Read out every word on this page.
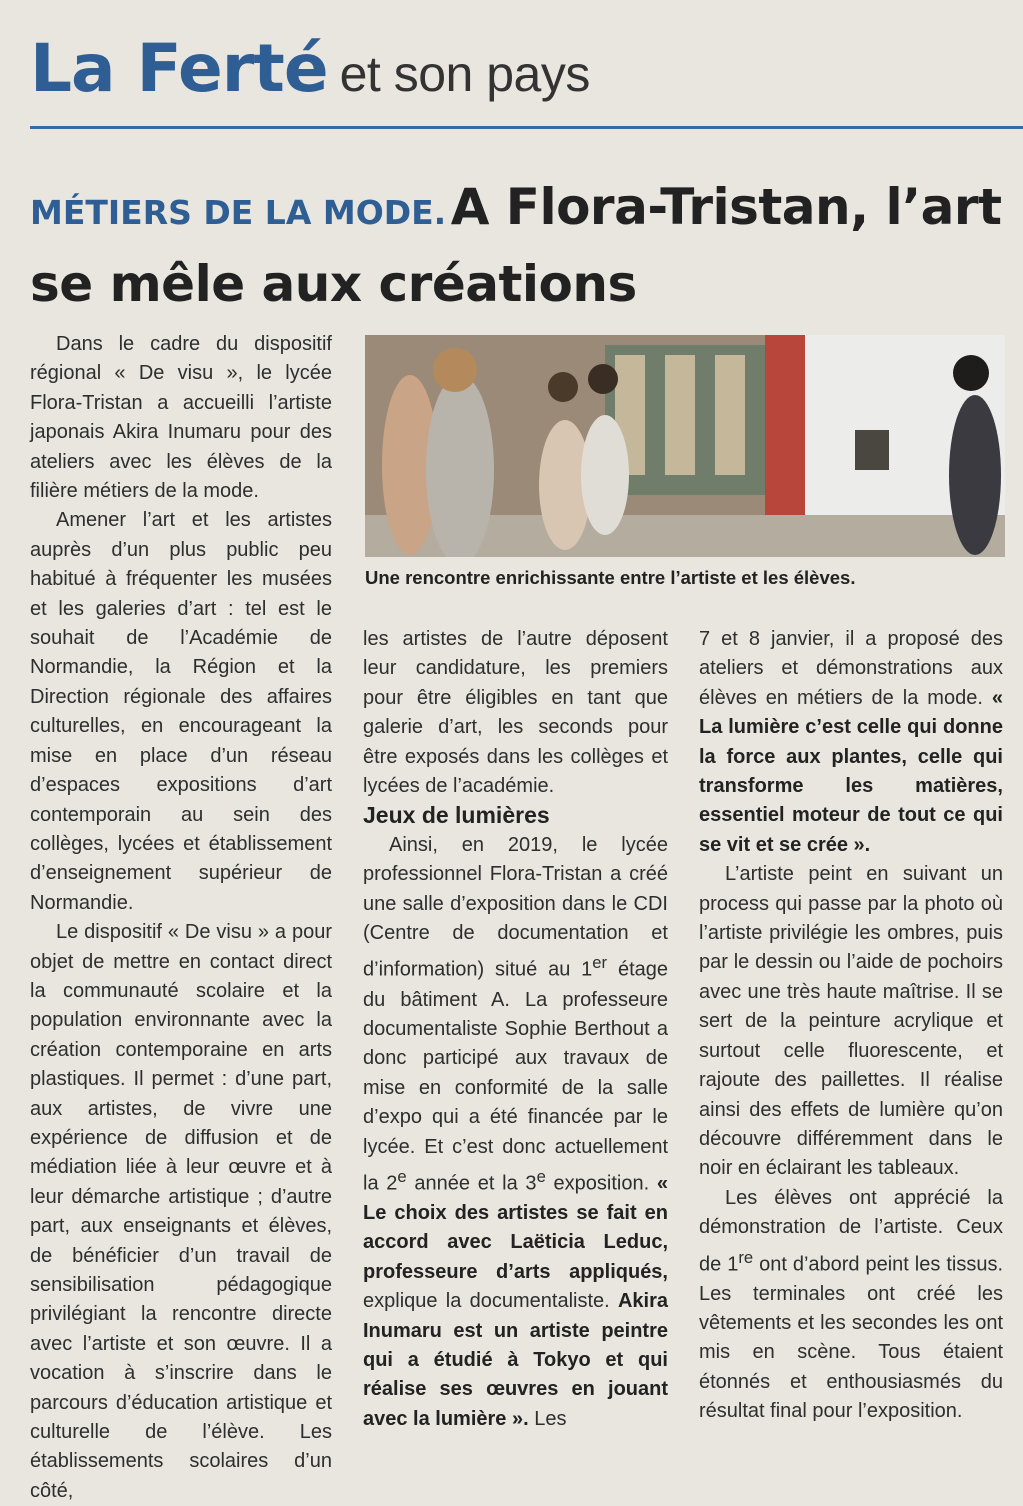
La Ferté et son pays
MÉTIERS DE LA MODE. A Flora-Tristan, l’art se mêle aux créations

Dans le cadre du dispositif régional « De visu », le lycée Flora-Tristan a accueilli l’artiste japonais Akira Inumaru pour des ateliers avec les élèves de la filière métiers de la mode.

Amener l’art et les artistes auprès d’un plus public peu habitué à fréquenter les musées et les galeries d’art : tel est le souhait de l’Académie de Normandie, la Région et la Direction régionale des affaires culturelles, en encourageant la mise en place d’un réseau d’espaces expositions d’art contemporain au sein des collèges, lycées et établissement d’enseignement supérieur de Normandie.

Le dispositif « De visu » a pour objet de mettre en contact direct la communauté scolaire et la population environnante avec la création contemporaine en arts plastiques. Il permet : d’une part, aux artistes, de vivre une expérience de diffusion et de médiation liée à leur œuvre et à leur démarche artistique ; d’autre part, aux enseignants et élèves, de bénéficier d’un travail de sensibilisation pédagogique privilégiant la rencontre directe avec l’artiste et son œuvre. Il a vocation à s’inscrire dans le parcours d’éducation artistique et culturelle de l’élève. Les établissements scolaires d’un côté,

Une rencontre enrichissante entre l’artiste et les élèves.

les artistes de l’autre déposent leur candidature, les premiers pour être éligibles en tant que galerie d’art, les seconds pour être exposés dans les collèges et lycées de l’académie.

Jeux de lumières

Ainsi, en 2019, le lycée professionnel Flora-Tristan a créé une salle d’exposition dans le CDI (Centre de documentation et d’information) situé au 1er étage du bâtiment A. La professeure documentaliste Sophie Berthout a donc participé aux travaux de mise en conformité de la salle d’expo qui a été financée par le lycée. Et c’est donc actuellement la 2e année et la 3e exposition. « Le choix des artistes se fait en accord avec Laëticia Leduc, professeure d’arts appliqués, explique la documentaliste. Akira Inumaru est un artiste peintre qui a étudié à Tokyo et qui réalise ses œuvres en jouant avec la lumière ». Les

7 et 8 janvier, il a proposé des ateliers et démonstrations aux élèves en métiers de la mode. « La lumière c’est celle qui donne la force aux plantes, celle qui transforme les matières, essentiel moteur de tout ce qui se vit et se crée ».

L’artiste peint en suivant un process qui passe par la photo où l’artiste privilégie les ombres, puis par le dessin ou l’aide de pochoirs avec une très haute maîtrise. Il se sert de la peinture acrylique et surtout celle fluorescente, et rajoute des paillettes. Il réalise ainsi des effets de lumière qu’on découvre différemment dans le noir en éclairant les tableaux.

Les élèves ont apprécié la démonstration de l’artiste. Ceux de 1re ont d’abord peint les tissus. Les terminales ont créé les vêtements et les secondes les ont mis en scène. Tous étaient étonnés et enthousiasmés du résultat final pour l’exposition.
